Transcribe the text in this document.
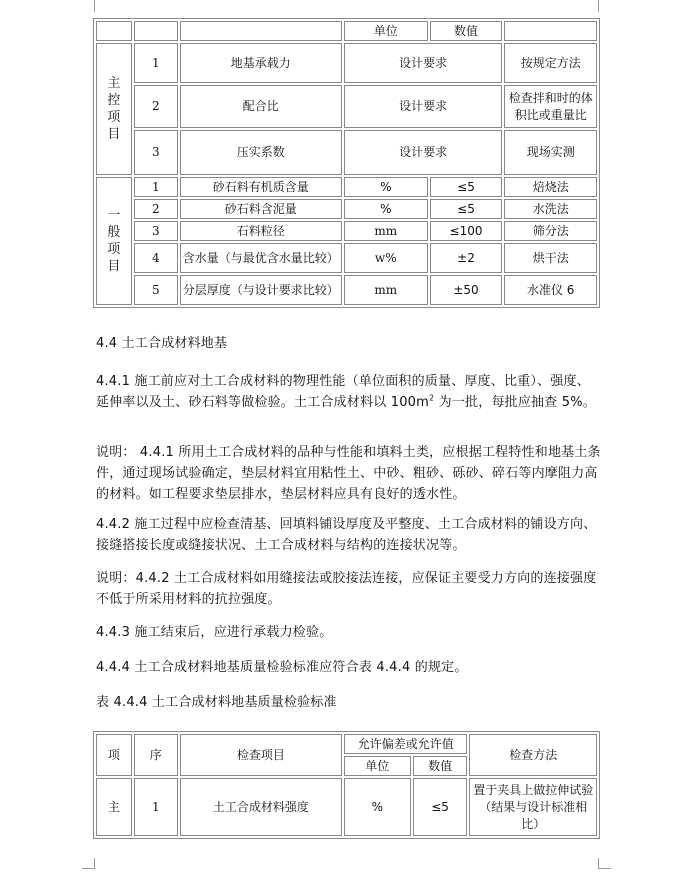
			单位	数值	

主
控
项
目	1	地基承载力	设计要求		按规定方法
	2	配合比	设计要求		检查拌和时的体
积比或重量比

	3	压实系数	设计要求		现场实测

一
般
项
目	1	砂石料有机质含量	%	≤5	焙烧法
	2	砂石料含泥量	%	≤5	水洗法
	3	石料粒径	mm	≤100	筛分法
	4	含水量（与最优含水量比较）	w%	±2	烘干法
	5	分层厚度（与设计要求比较）	mm	±50	水准仪 6

4.4 土工合成材料地基

4.4.1 施工前应对土工合成材料的物理性能（单位面积的质量、厚度、比重）、强度、延伸率以及土、砂石料等做检验。土工合成材料以 $100m^2$ 为一批，每批应抽查 5%。

说明： 4.4.1 所用土工合成材料的品种与性能和填料土类，应根据工程特性和地基土条件，通过现场试验确定，垫层材料宜用粘性土、中砂、粗砂、砾砂、碎石等内摩阻力高的材料。如工程要求垫层排水，垫层材料应具有良好的透水性。

4.4.2 施工过程中应检查清基、回填料铺设厚度及平整度、土工合成材料的铺设方向、接缝搭接长度或缝接状况、土工合成材料与结构的连接状况等。

说明：4.4.2 土工合成材料如用缝接法或胶接法连接，应保证主要受力方向的连接强度不低于所采用材料的抗拉强度。

4.4.3 施工结束后，应进行承载力检验。

4.4.4 土工合成材料地基质量检验标准应符合表 4.4.4 的规定。

表 4.4.4 土工合成材料地基质量检验标准

项	序	检查项目	允许偏差或允许值		检查方法
			单位	数值	
主	1	土工合成材料强度	%	≤5	置于夹具上做拉伸试验
（结果与设计标准相
比）
